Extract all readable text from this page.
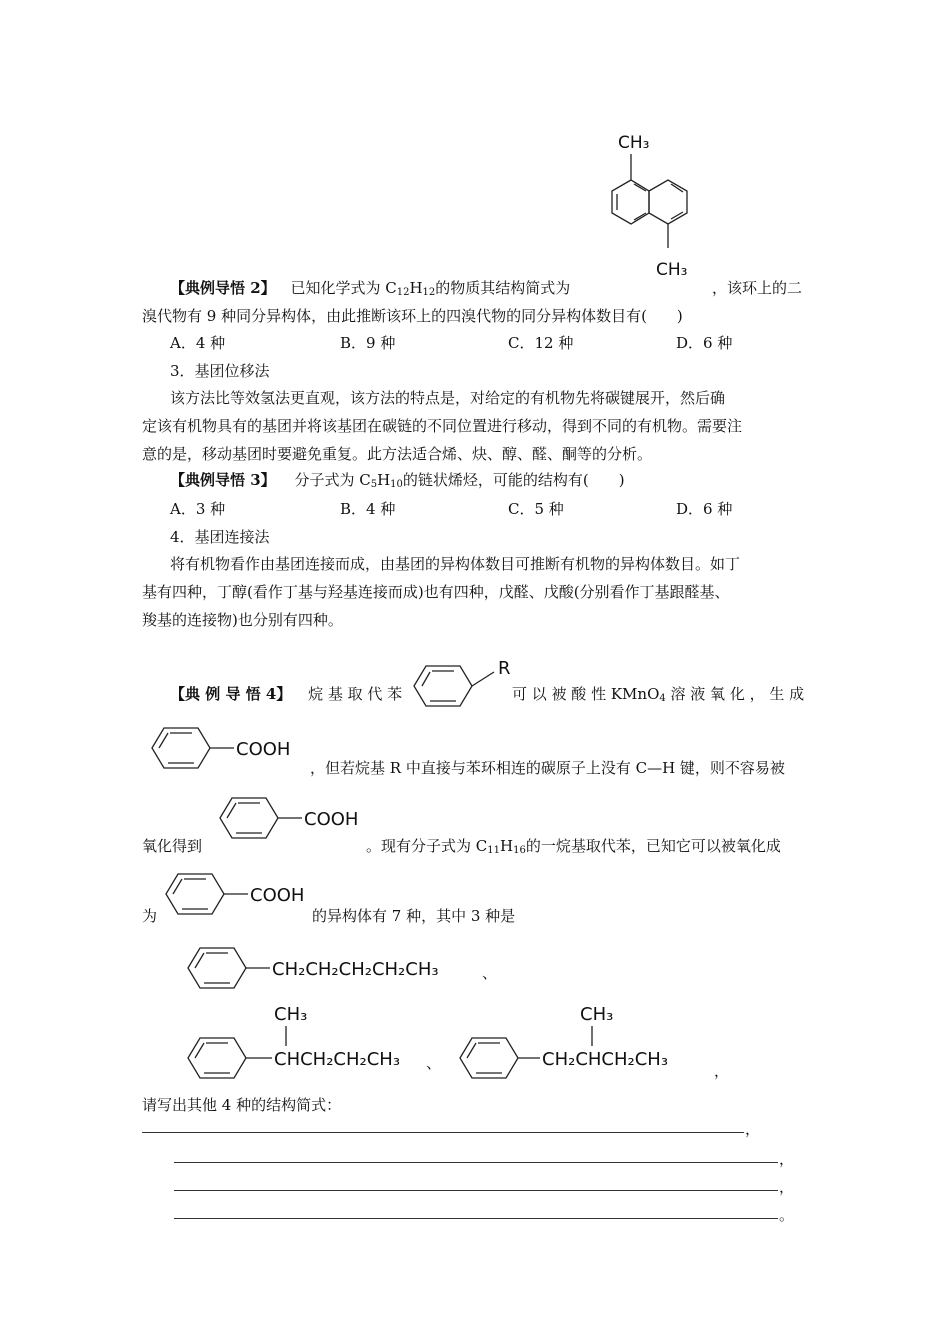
CH₃
CH₃
【典例导悟 2】 已知化学式为 $C_{12}H_{12}$的物质其结构简式为	，该环上的二
溴代物有 9 种同分异构体，由此推断该环上的四溴代物的同分异构体数目有(　　)
A．4 种	B．9 种	C．12 种	D．6 种
3．基团位移法
该方法比等效氢法更直观，该方法的特点是，对给定的有机物先将碳键展开，然后确
定该有机物具有的基团并将该基团在碳链的不同位置进行移动，得到不同的有机物。需要注
意的是，移动基团时要避免重复。此方法适合烯、炔、醇、醛、酮等的分析。
【典例导悟 3】 分子式为 $C_5H_{10}$的链状烯烃，可能的结构有(　　)
A．3 种	B．4 种	C．5 种	D．6 种
4．基团连接法
将有机物看作由基团连接而成，由基团的异构体数目可推断有机物的异构体数目。如丁
基有四种，丁醇(看作丁基与羟基连接而成)也有四种，戊醛、戊酸(分别看作丁基跟醛基、
羧基的连接物)也分别有四种。
R
【典 例 导 悟 4】 烷 基 取 代 苯	可 以 被 酸 性 KMnO$_4$ 溶 液 氧 化 ， 生 成
COOH
，但若烷基 R 中直接与苯环相连的碳原子上没有 C—H 键，则不容易被
COOH
氧化得到	。现有分子式为 $C_{11}H_{16}$的一烷基取代苯，已知它可以被氧化成
COOH
为	的异构体有 7 种，其中 3 种是
CH₂CH₂CH₂CH₂CH₃	、
CH₃
CHCH₂CH₂CH₃ 、
CH₃
CH₂CHCH₂CH₃
，
请写出其他 4 种的结构简式：
，
，
，
。
